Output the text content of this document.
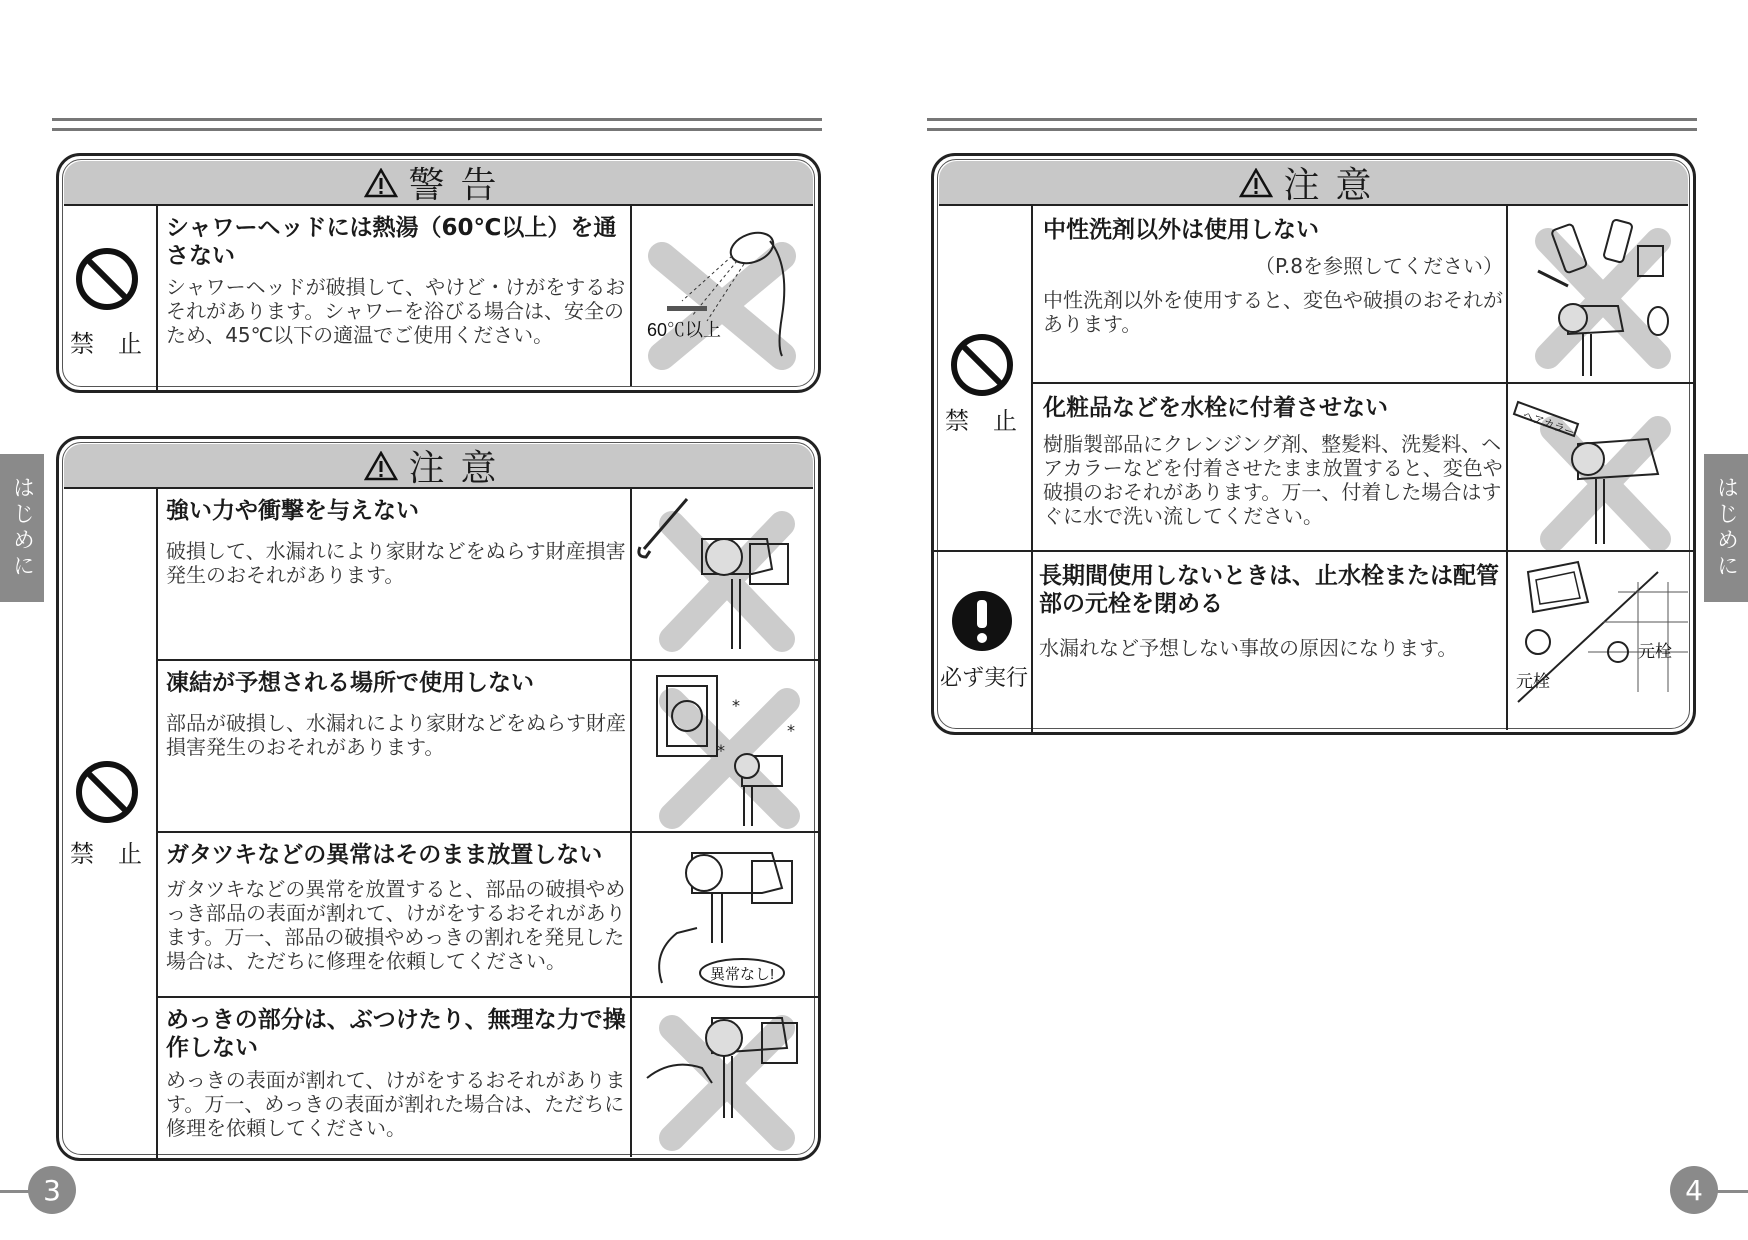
警告
禁　止
シャワーヘッドには熱湯（60℃以上）を通さない
シャワーヘッドが破損して、やけど・けがをするおそれがあります。シャワーを浴びる場合は、安全のため、45℃以下の適温でご使用ください。	60℃以上
注意
禁　止
強い力や衝撃を与えない
破損して、水漏れにより家財などをぬらす財産損害発生のおそれがあります。
凍結が予想される場所で使用しない
部品が破損し、水漏れにより家財などをぬらす財産損害発生のおそれがあります。
*
*
*
ガタツキなどの異常はそのまま放置しない
ガタツキなどの異常を放置すると、部品の破損やめっき部品の表面が割れて、けがをするおそれがあります。万一、部品の破損やめっきの割れを発見した場合は、ただちに修理を依頼してください。
異常なし!
めっきの部分は、ぶつけたり、無理な力で操作しない
めっきの表面が割れて、けがをするおそれがあります。万一、めっきの表面が割れた場合は、ただちに修理を依頼してください。
はじめに
3
注意
禁　止
必ず実行
中性洗剤以外は使用しない
（P.8を参照してください）
中性洗剤以外を使用すると、変色や破損のおそれがあります。
化粧品などを水栓に付着させない
樹脂製部品にクレンジング剤、整髪料、洗髪料、ヘアカラーなどを付着させたまま放置すると、変色や破損のおそれがあります。万一、付着した場合はすぐに水で洗い流してください。
ヘアカラー
長期間使用しないときは、止水栓または配管部の元栓を閉める
水漏れなど予想しない事故の原因になります。	元栓
元栓
はじめに
4
